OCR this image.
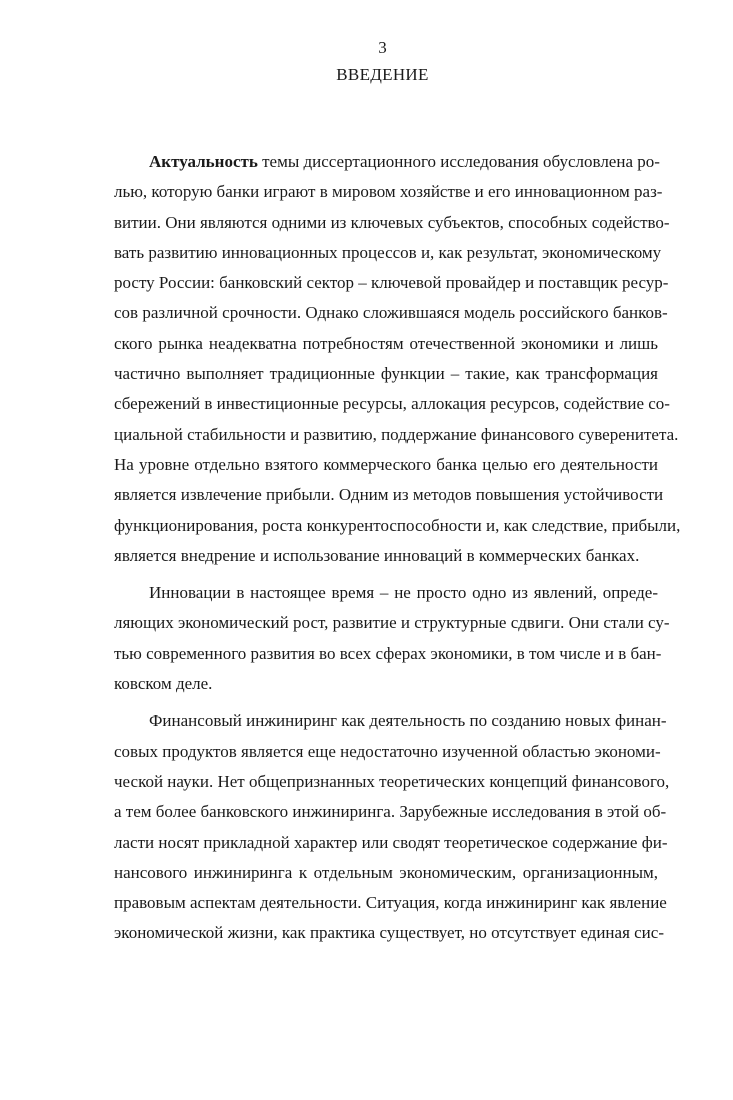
3
ВВЕДЕНИЕ
Актуальность темы диссертационного исследования обусловлена ро-
лью, которую банки играют в мировом хозяйстве и его инновационном раз-
витии. Они являются одними из ключевых субъектов, способных содейство-
вать развитию инновационных процессов и, как результат, экономическому
росту России: банковский сектор – ключевой провайдер и поставщик ресур-
сов различной срочности. Однако сложившаяся модель российского банков-
ского рынка неадекватна потребностям отечественной экономики и лишь
частично выполняет традиционные функции – такие, как трансформация
сбережений в инвестиционные ресурсы, аллокация ресурсов, содействие со-
циальной стабильности и развитию, поддержание финансового суверенитета.
На уровне отдельно взятого коммерческого банка целью его деятельности
является извлечение прибыли. Одним из методов повышения устойчивости
функционирования, роста конкурентоспособности и, как следствие, прибыли,
является внедрение и использование инноваций в коммерческих банках.
Инновации в настоящее время – не просто одно из явлений, опреде-
ляющих экономический рост, развитие и структурные сдвиги. Они стали су-
тью современного развития во всех сферах экономики, в том числе и в бан-
ковском деле.
Финансовый инжиниринг как деятельность по созданию новых финан-
совых продуктов является еще недостаточно изученной областью экономи-
ческой науки. Нет общепризнанных теоретических концепций финансового,
а тем более банковского инжиниринга. Зарубежные исследования в этой об-
ласти носят прикладной характер или сводят теоретическое содержание фи-
нансового инжиниринга к отдельным экономическим, организационным,
правовым аспектам деятельности. Ситуация, когда инжиниринг как явление
экономической жизни, как практика существует, но отсутствует единая сис-
